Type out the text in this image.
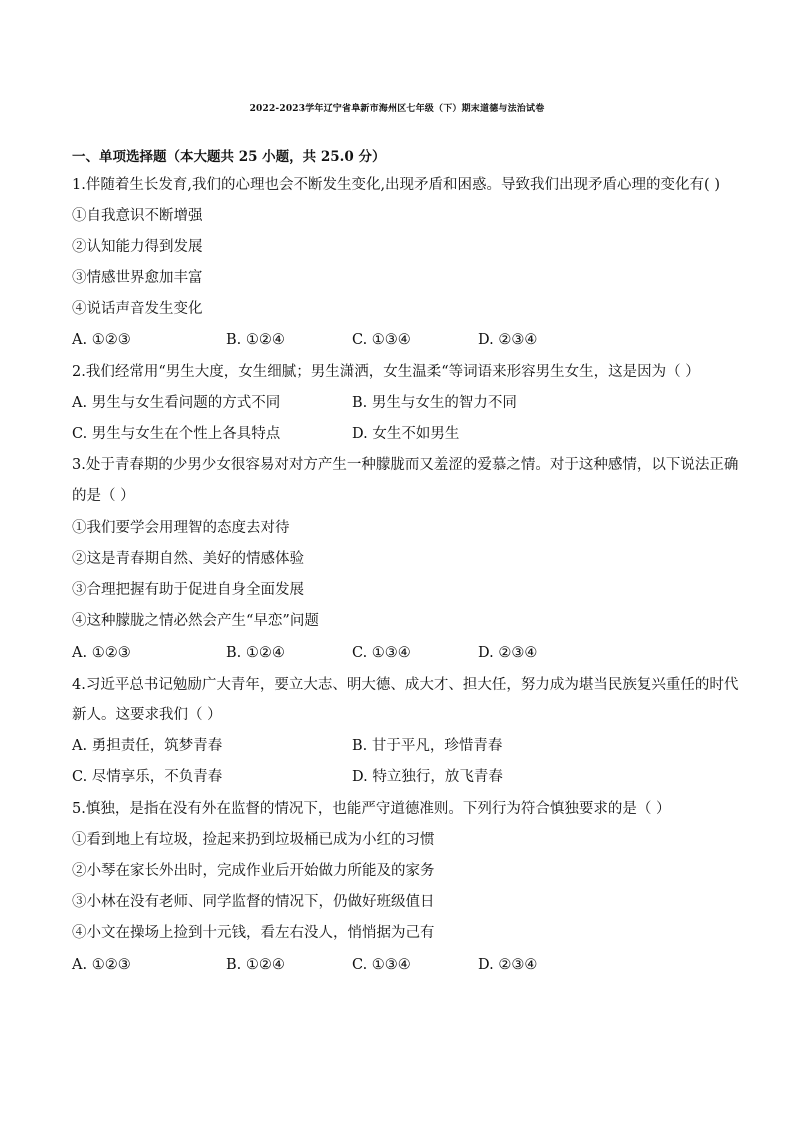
2022-2023学年辽宁省阜新市海州区七年级（下）期末道德与法治试卷
一、单项选择题（本大题共 25 小题，共 25.0 分）
1.伴随着生长发育,我们的心理也会不断发生变化,出现矛盾和困惑。导致我们出现矛盾心理的变化有( )
①自我意识不断增强
②认知能力得到发展
③情感世界愈加丰富
④说话声音发生变化
A. ①②③	B. ①②④	C. ①③④	D. ②③④
2.我们经常用“男生大度，女生细腻；男生潇洒，女生温柔“等词语来形容男生女生，这是因为（ ）
A. 男生与女生看问题的方式不同	B. 男生与女生的智力不同
C. 男生与女生在个性上各具特点	D. 女生不如男生
3.处于青春期的少男少女很容易对对方产生一种朦胧而又羞涩的爱慕之情。对于这种感情，以下说法正确
的是（ ）
①我们要学会用理智的态度去对待
②这是青春期自然、美好的情感体验
③合理把握有助于促进自身全面发展
④这种朦胧之情必然会产生“早恋”问题
A. ①②③	B. ①②④	C. ①③④	D. ②③④
4.习近平总书记勉励广大青年，要立大志、明大德、成大才、担大任，努力成为堪当民族复兴重任的时代
新人。这要求我们（ ）
A. 勇担责任，筑梦青春	B. 甘于平凡，珍惜青春
C. 尽情享乐，不负青春	D. 特立独行，放飞青春
5.慎独，是指在没有外在监督的情况下，也能严守道德准则。下列行为符合慎独要求的是（ ）
①看到地上有垃圾，捡起来扔到垃圾桶已成为小红的习惯
②小琴在家长外出时，完成作业后开始做力所能及的家务
③小林在没有老师、同学监督的情况下，仍做好班级值日
④小文在操场上捡到十元钱，看左右没人，悄悄据为己有
A. ①②③	B. ①②④	C. ①③④	D. ②③④
